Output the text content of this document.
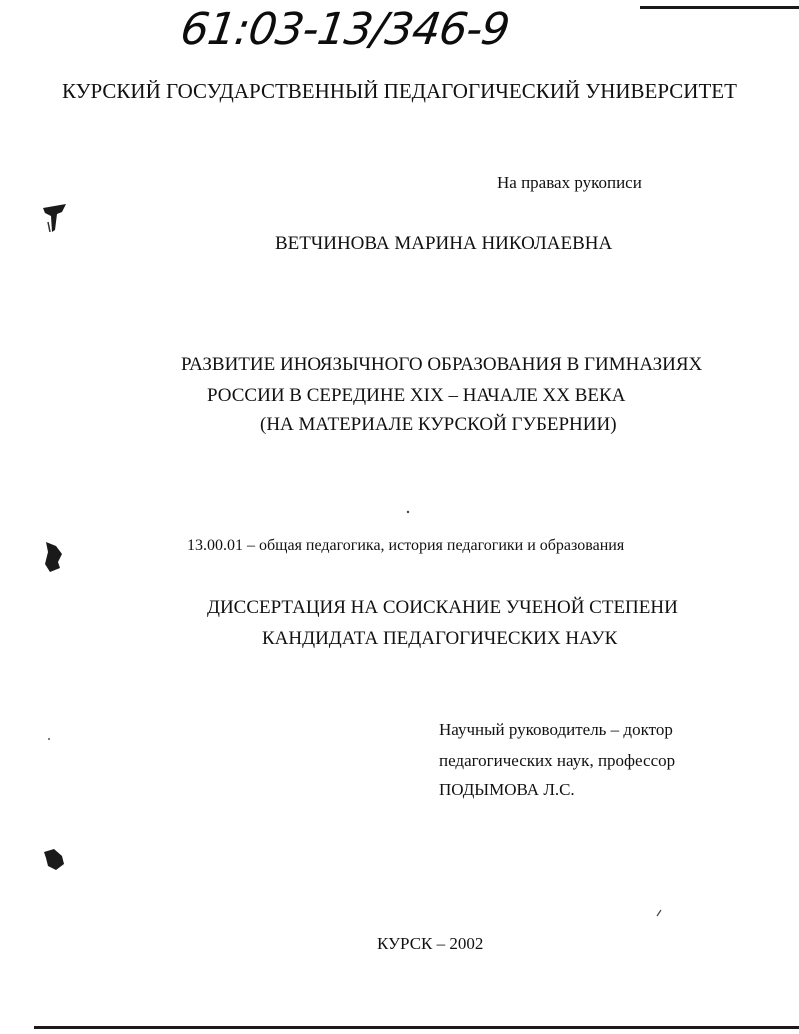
61:03-13/346-9
КУРСКИЙ ГОСУДАРСТВЕННЫЙ ПЕДАГОГИЧЕСКИЙ УНИВЕРСИТЕТ
На правах рукописи
ВЕТЧИНОВА МАРИНА НИКОЛАЕВНА
РАЗВИТИЕ ИНОЯЗЫЧНОГО ОБРАЗОВАНИЯ В ГИМНАЗИЯХ
РОССИИ В СЕРЕДИНЕ XIX – НАЧАЛЕ XX ВЕКА
(НА МАТЕРИАЛЕ КУРСКОЙ ГУБЕРНИИ)
13.00.01 – общая педагогика, история педагогики и образования
ДИССЕРТАЦИЯ НА СОИСКАНИЕ УЧЕНОЙ СТЕПЕНИ
КАНДИДАТА ПЕДАГОГИЧЕСКИХ НАУК
Научный руководитель – доктор
педагогических наук, профессор
ПОДЫМОВА Л.С.
КУРСК – 2002
